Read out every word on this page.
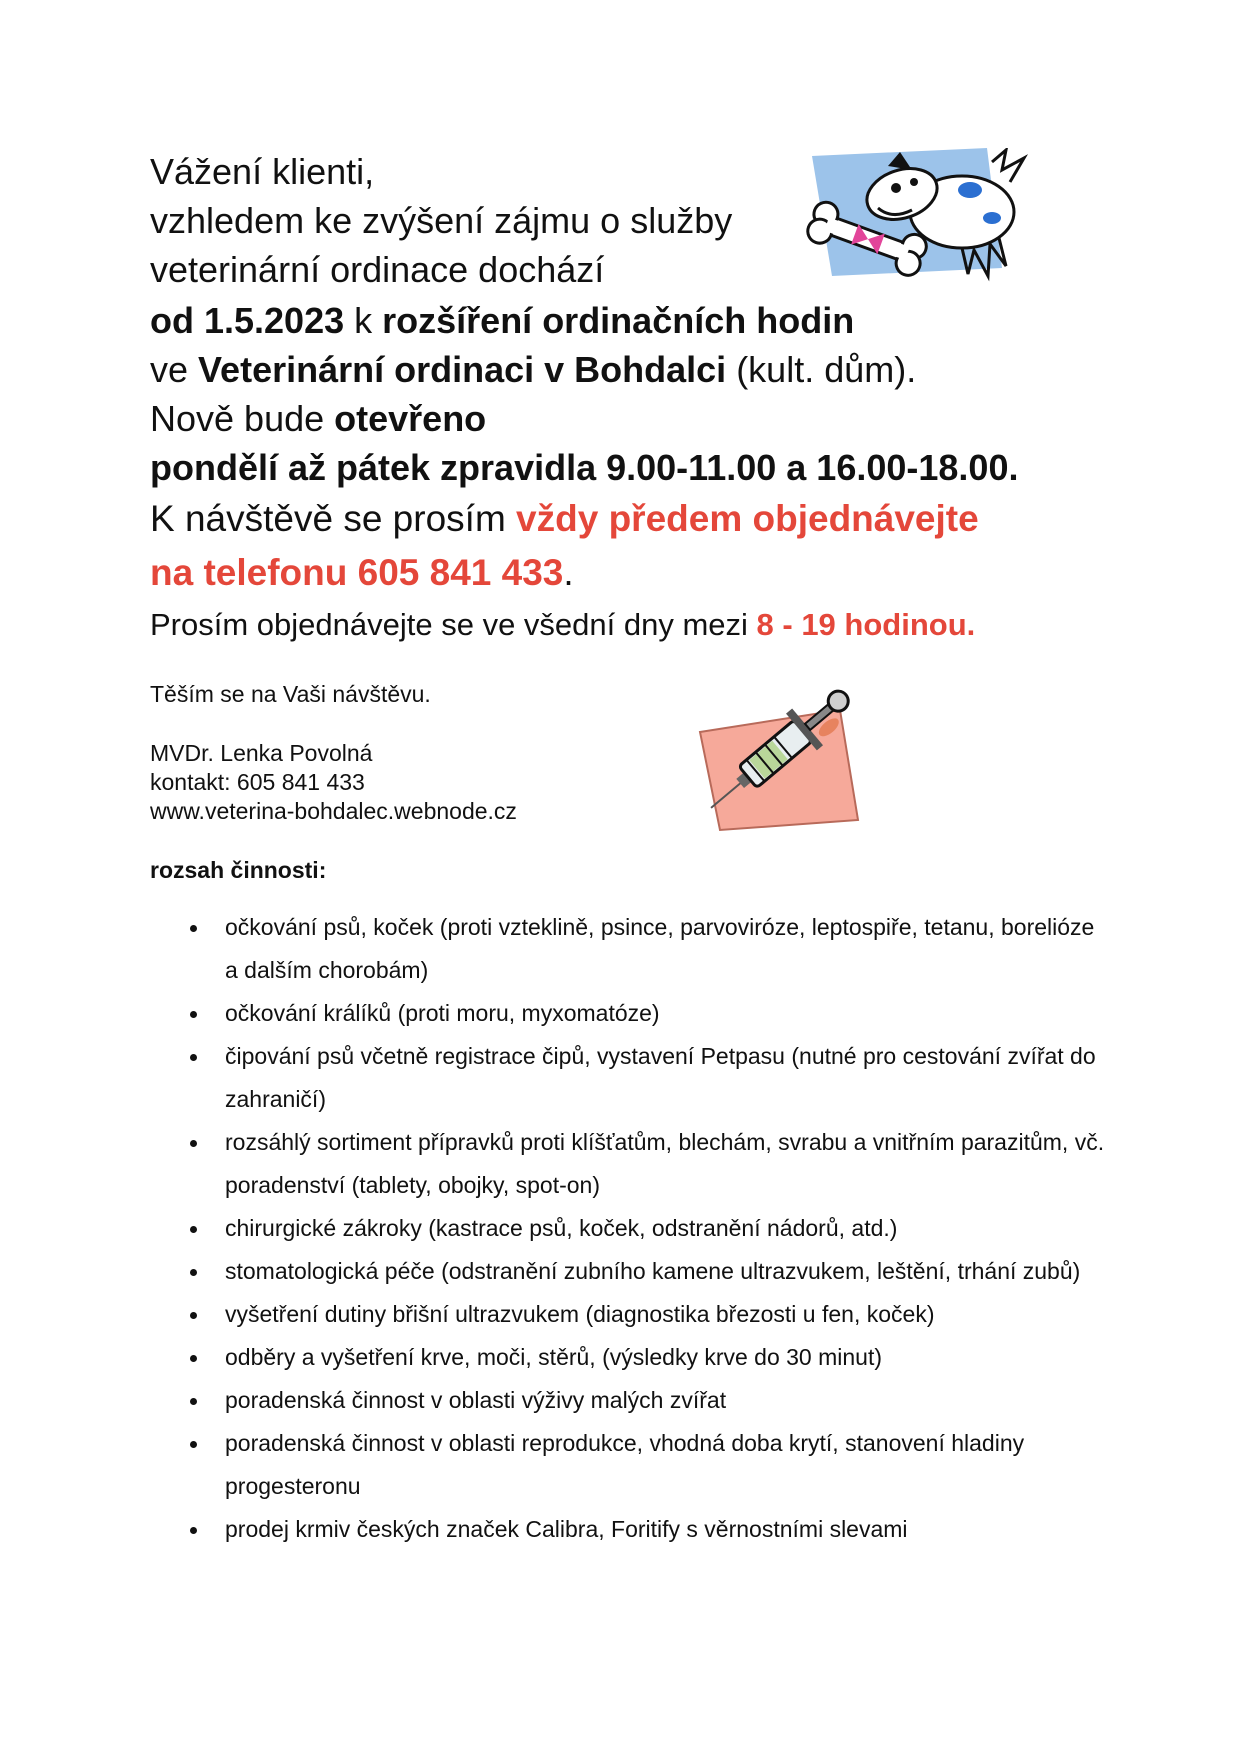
Vážení klienti,
vzhledem ke zvýšení zájmu o služby
veterinární ordinace dochází
od 1.5.2023 k rozšíření ordinačních hodin
ve Veterinární ordinaci v Bohdalci (kult. dům).
Nově bude otevřeno
pondělí až pátek zpravidla 9.00-11.00 a 16.00-18.00.
K návštěvě se prosím vždy předem objednávejte
na telefonu 605 841 433.
Prosím objednávejte se ve všední dny mezi 8 - 19 hodinou.
Těším se na Vaši návštěvu.
MVDr. Lenka Povolná
kontakt: 605 841 433
www.veterina-bohdalec.webnode.cz
rozsah činnosti:
očkování psů, koček (proti vzteklině, psince, parvoviróze, leptospiře, tetanu, borelióze a dalším chorobám)
očkování králíků (proti moru, myxomatóze)
čipování psů včetně registrace čipů, vystavení Petpasu (nutné pro cestování zvířat do zahraničí)
rozsáhlý sortiment přípravků proti klíšťatům, blechám, svrabu a vnitřním parazitům, vč. poradenství (tablety, obojky, spot-on)
chirurgické zákroky (kastrace psů, koček, odstranění nádorů, atd.)
stomatologická péče (odstranění zubního kamene ultrazvukem, leštění, trhání zubů)
vyšetření dutiny břišní ultrazvukem (diagnostika březosti u fen, koček)
odběry a vyšetření krve, moči, stěrů, (výsledky krve do 30 minut)
poradenská činnost v oblasti výživy malých zvířat
poradenská činnost v oblasti reprodukce, vhodná doba krytí, stanovení hladiny progesteronu
prodej krmiv českých značek Calibra, Foritify s věrnostními slevami
